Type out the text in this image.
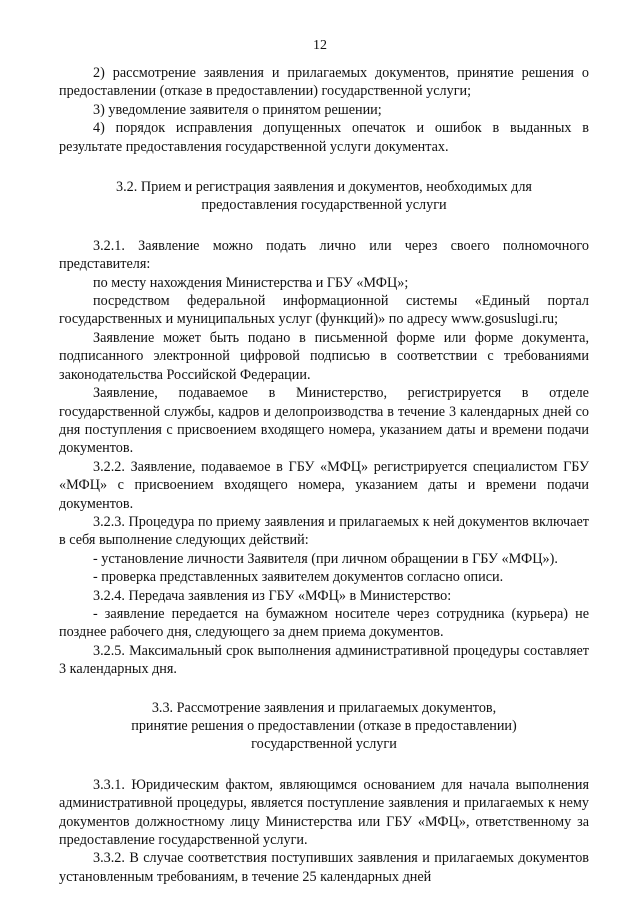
12

2) рассмотрение заявления и прилагаемых документов, принятие решения о предоставлении (отказе в предоставлении) государственной услуги;

3) уведомление заявителя о принятом решении;

4) порядок исправления допущенных опечаток и ошибок в выданных в результате предоставления государственной услуги документах.

3.2. Прием и регистрация заявления и документов, необходимых для

предоставления государственной услуги

3.2.1. Заявление можно подать лично или через своего полномочного представителя:

по месту нахождения Министерства и ГБУ «МФЦ»;

посредством федеральной информационной системы «Единый портал государственных и муниципальных услуг (функций)» по адресу www.gosuslugi.ru;

Заявление может быть подано в письменной форме или форме документа, подписанного электронной цифровой подписью в соответствии с требованиями законодательства Российской Федерации.

Заявление, подаваемое в Министерство, регистрируется в отделе государственной службы, кадров и делопроизводства в течение 3 календарных дней со дня поступления с присвоением входящего номера, указанием даты и времени подачи документов.

3.2.2. Заявление, подаваемое в ГБУ «МФЦ» регистрируется специалистом ГБУ «МФЦ» с присвоением входящего номера, указанием даты и времени подачи документов.

3.2.3. Процедура по приему заявления и прилагаемых к ней документов включает в себя выполнение следующих действий:

- установление личности Заявителя (при личном обращении в ГБУ «МФЦ»).

- проверка представленных заявителем документов согласно описи.

3.2.4. Передача заявления из ГБУ «МФЦ» в Министерство:

- заявление передается на бумажном носителе через сотрудника (курьера) не позднее рабочего дня, следующего за днем приема документов.

3.2.5. Максимальный срок выполнения административной процедуры составляет 3 календарных дня.

3.3. Рассмотрение заявления и прилагаемых документов,

принятие решения о предоставлении (отказе в предоставлении)

государственной услуги

3.3.1. Юридическим фактом, являющимся основанием для начала выполнения административной процедуры, является поступление заявления и прилагаемых к нему документов должностному лицу Министерства или ГБУ «МФЦ», ответственному за предоставление государственной услуги.

3.3.2. В случае соответствия поступивших заявления и прилагаемых документов установленным требованиям, в течение 25 календарных дней
